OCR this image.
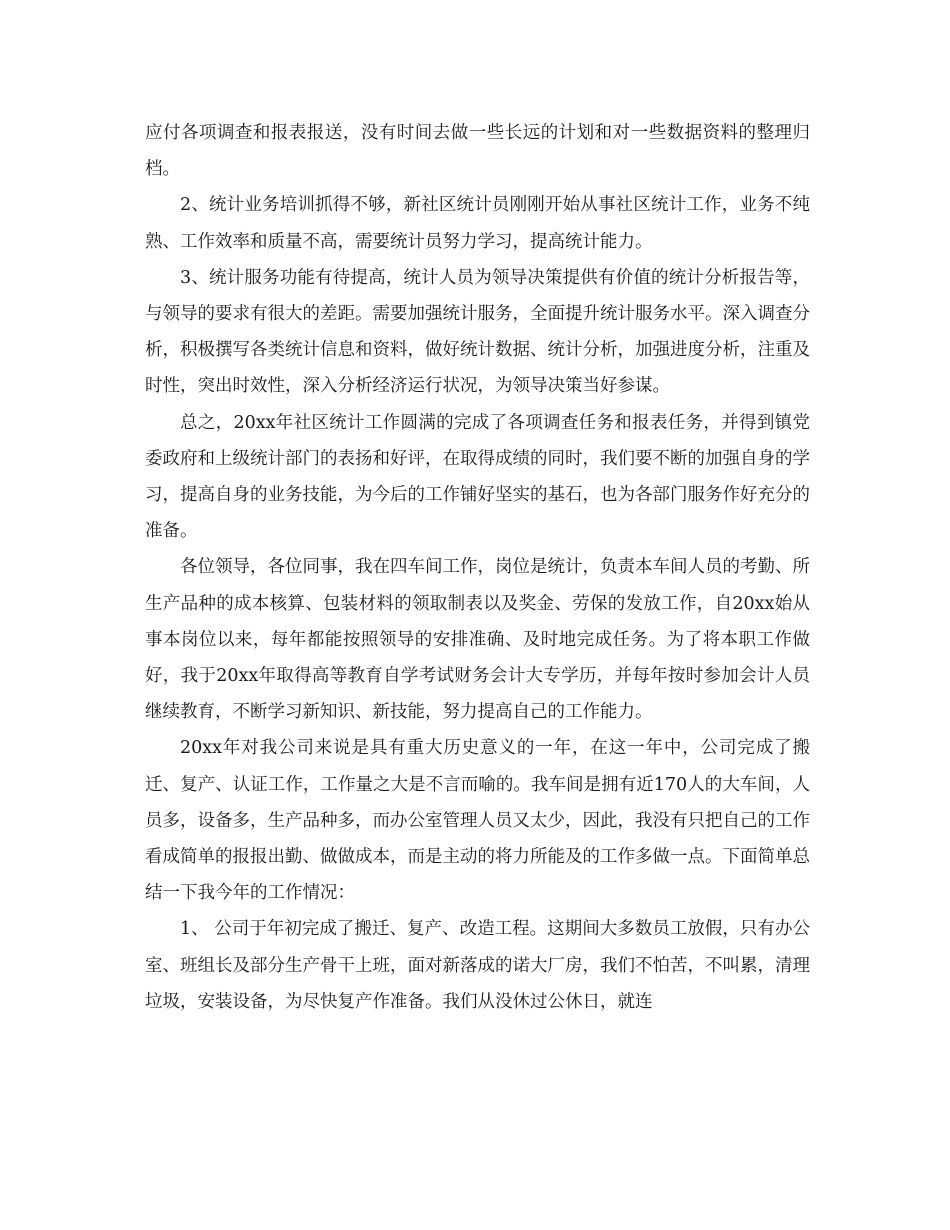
应付各项调查和报表报送，没有时间去做一些长远的计划和对一些数据资料的整理归档。

2、统计业务培训抓得不够，新社区统计员刚刚开始从事社区统计工作，业务不纯熟、工作效率和质量不高，需要统计员努力学习，提高统计能力。

3、统计服务功能有待提高，统计人员为领导决策提供有价值的统计分析报告等，与领导的要求有很大的差距。需要加强统计服务，全面提升统计服务水平。深入调查分析，积极撰写各类统计信息和资料，做好统计数据、统计分析，加强进度分析，注重及时性，突出时效性，深入分析经济运行状况，为领导决策当好参谋。

总之，20xx年社区统计工作圆满的完成了各项调查任务和报表任务，并得到镇党委政府和上级统计部门的表扬和好评，在取得成绩的同时，我们要不断的加强自身的学习，提高自身的业务技能，为今后的工作铺好坚实的基石，也为各部门服务作好充分的准备。

各位领导，各位同事，我在四车间工作，岗位是统计，负责本车间人员的考勤、所生产品种的成本核算、包装材料的领取制表以及奖金、劳保的发放工作，自20xx始从事本岗位以来，每年都能按照领导的安排准确、及时地完成任务。为了将本职工作做好，我于20xx年取得高等教育自学考试财务会计大专学历，并每年按时参加会计人员继续教育，不断学习新知识、新技能，努力提高自己的工作能力。

20xx年对我公司来说是具有重大历史意义的一年，在这一年中，公司完成了搬迁、复产、认证工作，工作量之大是不言而喻的。我车间是拥有近170人的大车间，人员多，设备多，生产品种多，而办公室管理人员又太少，因此，我没有只把自己的工作看成简单的报报出勤、做做成本，而是主动的将力所能及的工作多做一点。下面简单总结一下我今年的工作情况：

1、 公司于年初完成了搬迁、复产、改造工程。这期间大多数员工放假，只有办公室、班组长及部分生产骨干上班，面对新落成的诺大厂房，我们不怕苦，不叫累，清理垃圾，安装设备，为尽快复产作准备。我们从没休过公休日，就连
